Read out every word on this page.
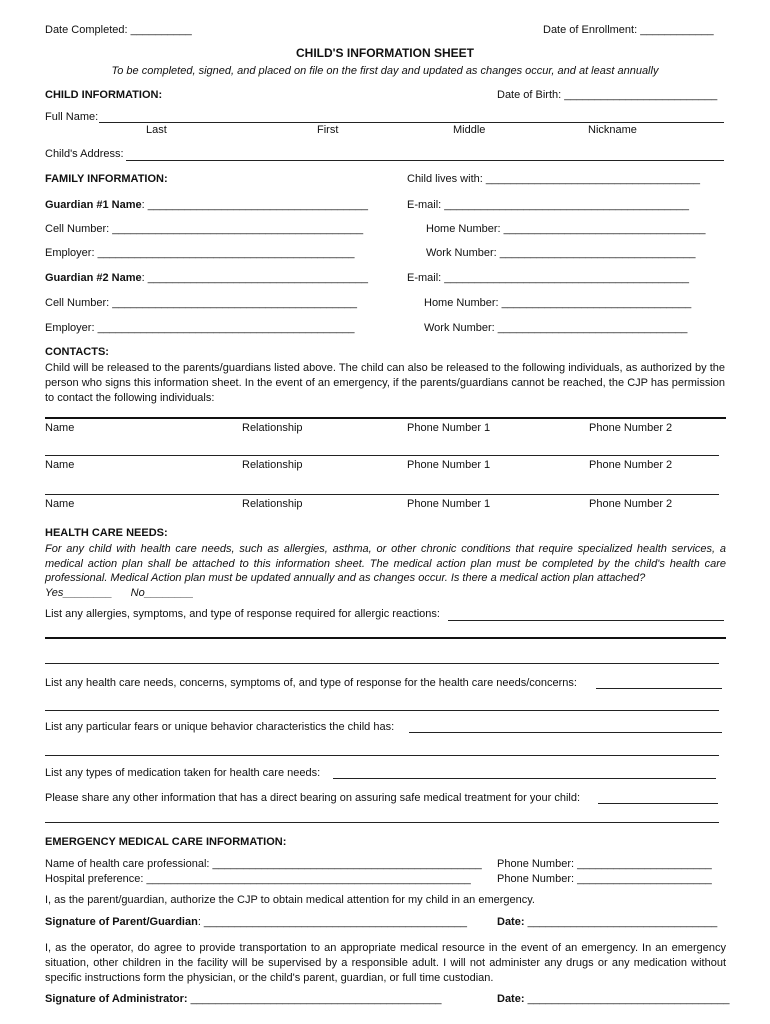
Date Completed: __________	Date of Enrollment: ____________
CHILD'S INFORMATION SHEET
To be completed, signed, and placed on file on the first day and updated as changes occur, and at least annually
CHILD INFORMATION:	Date of Birth: _________________________
Full Name:
Last	First	Middle	Nickname
Child's Address:
FAMILY INFORMATION:	Child lives with: ___________________________________
Guardian #1 Name: ____________________________________	E-mail: ________________________________________
Cell Number: _________________________________________	Home Number: _________________________________
Employer: __________________________________________	Work Number: ________________________________
Guardian #2 Name: ____________________________________	E-mail: ________________________________________
Cell Number: ________________________________________	Home Number: _______________________________
Employer: __________________________________________	Work Number: _______________________________
CONTACTS:
Child will be released to the parents/guardians listed above. The child can also be released to the following individuals, as authorized by the person who signs this information sheet. In the event of an emergency, if the parents/guardians cannot be reached, the CJP has permission to contact the following individuals:
Name	Relationship	Phone Number 1	Phone Number 2
Name	Relationship	Phone Number 1	Phone Number 2
Name	Relationship	Phone Number 1	Phone Number 2
HEALTH CARE NEEDS:
For any child with health care needs, such as allergies, asthma, or other chronic conditions that require specialized health services, a medical action plan shall be attached to this information sheet. The medical action plan must be completed by the child's health care professional. Medical Action plan must be updated annually and as changes occur. Is there a medical action plan attached?
Yes________ No________
List any allergies, symptoms, and type of response required for allergic reactions:
List any health care needs, concerns, symptoms of, and type of response for the health care needs/concerns:
List any particular fears or unique behavior characteristics the child has:
List any types of medication taken for health care needs:
Please share any other information that has a direct bearing on assuring safe medical treatment for your child:
EMERGENCY MEDICAL CARE INFORMATION:
Name of health care professional: ____________________________________________ Phone Number: ______________________
Hospital preference: _____________________________________________________ Phone Number: ______________________
I, as the parent/guardian, authorize the CJP to obtain medical attention for my child in an emergency.
Signature of Parent/Guardian: ___________________________________________	Date: _______________________________
I, as the operator, do agree to provide transportation to an appropriate medical resource in the event of an emergency. In an emergency situation, other children in the facility will be supervised by a responsible adult. I will not administer any drugs or any medication without specific instructions form the physician, or the child's parent, guardian, or full time custodian.
Signature of Administrator: _________________________________________	Date: _________________________________
